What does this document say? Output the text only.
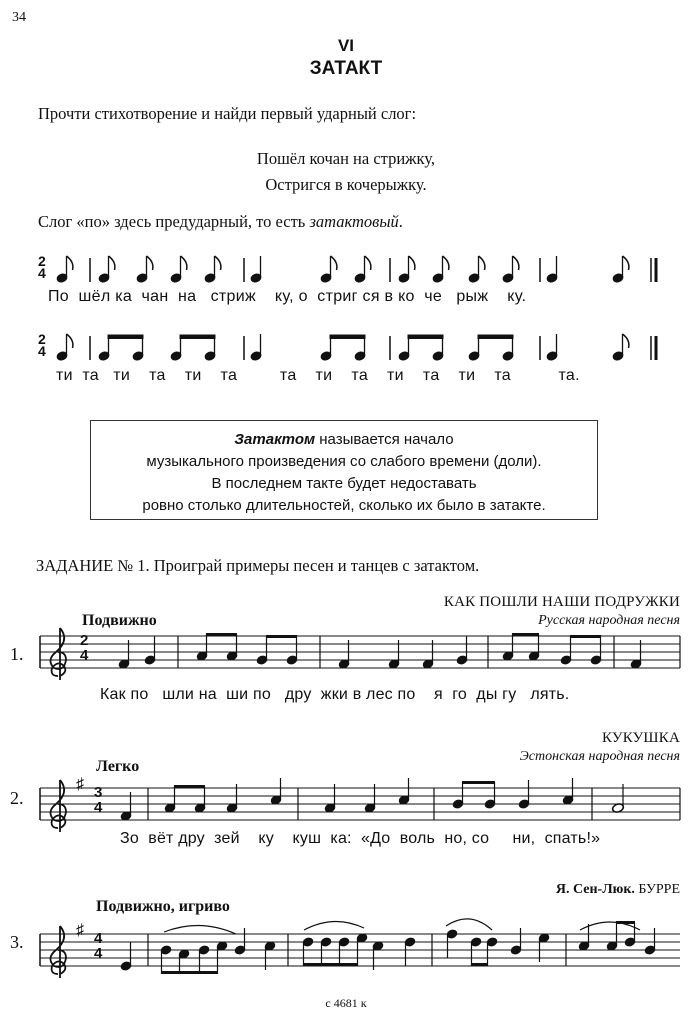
34
VI
ЗАТАКТ
Прочти стихотворение и найди первый ударный слог:
Пошёл кочан на стрижку,
Остригся в кочерыжку.
Слог «по» здесь предударный, то есть затактовый.
2
4
2
4
По  шёл ка  чан  на   стриж    ку, о  стриг ся в ко  че   рыж    ку.
ти  та   ти    та    ти    та         та    ти    та    ти    та    ти    та          та.
Затактом называется начало
музыкального произведения со слабого времени (доли).
В последнем такте будет недоставать
ровно столько длительностей, сколько их было в затакте.
ЗАДАНИЕ № 1. Проиграй примеры песен и танцев с затактом.
КАК ПОШЛИ НАШИ ПОДРУЖКИ
Русская народная песня
Подвижно
1.
2
4
Как по   шли на  ши по   дру  жки в лес по    я  го  ды гу   лять.
КУКУШКА
Эстонская народная песня
Легко
2.
♯ 3
4
Зо  вёт дру  зей    ку    куш  ка:  «До  воль  но, со     ни,  спать!»
Я. Сен-Люк. БУРРЕ
Подвижно, игриво
3.
♯ 4
4
с 4681 к
